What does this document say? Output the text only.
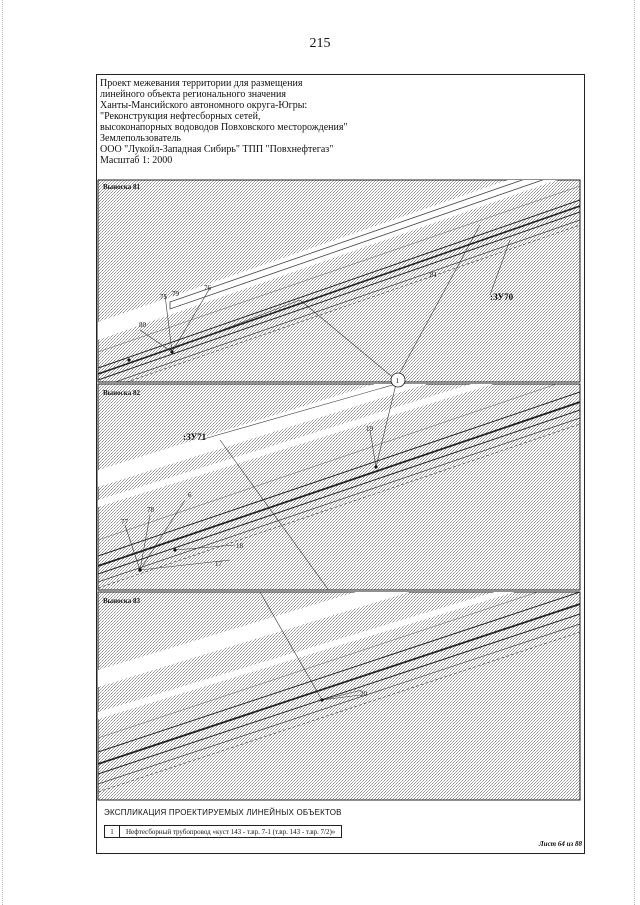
215
Проект межевания территории для размещения
линейного объекта регионального значения
Ханты-Мансийского автономного округа-Югры:
"Реконструкция нефтесборных сетей,
высоконапорных водоводов Повховского месторождения"
Землепользователь
ООО "Лукойл-Западная Сибирь" ТПП "Повхнефтегаз"
Масштаб 1: 2000
Выноска 81
1
Выноска 82
Выноска 83
:ЗУ70
:ЗУ71
81
80
76
75 79
19
6
78
77
18
17
20
ЭКСПЛИКАЦИЯ ПРОЕКТИРУЕМЫХ ЛИНЕЙНЫХ ОБЪЕКТОВ
1	Нефтесборный трубопровод «куст 143 - т.вр. 7-1 (т.вр. 143 - т.вр. 7/2)»
Лист 64 из 88
